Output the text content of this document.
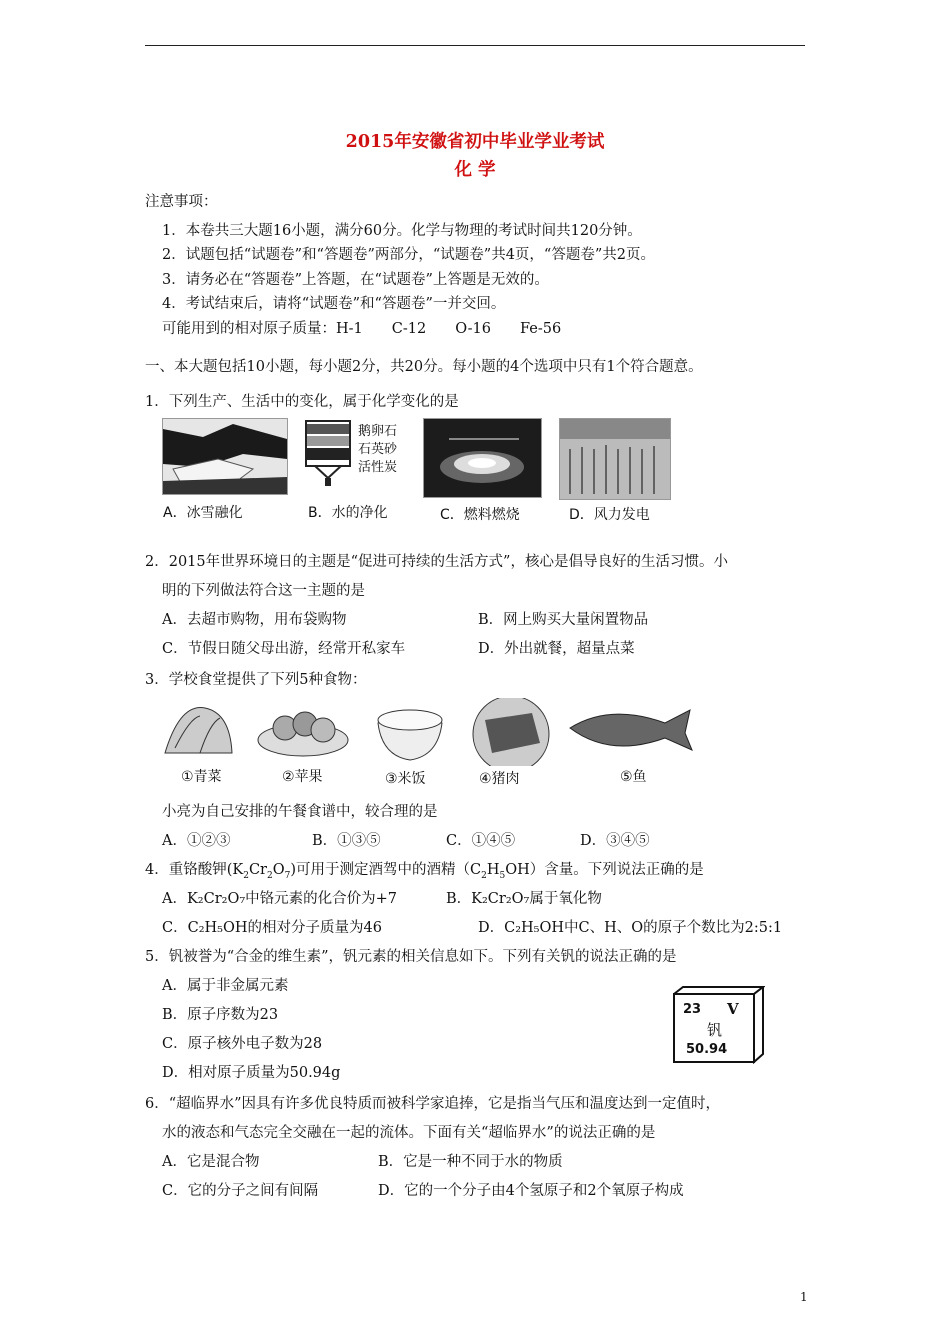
2015年安徽省初中毕业学业考试
化 学
注意事项：
1．本卷共三大题16小题，满分60分。化学与物理的考试时间共120分钟。
2．试题包括“试题卷”和“答题卷”两部分，“试题卷”共4页，“答题卷”共2页。
3．请务必在“答题卷”上答题，在“试题卷”上答题是无效的。
4．考试结束后，请将“试题卷”和“答题卷”一并交回。
可能用到的相对原子质量：H-1　　C-12　　O-16　　Fe-56
一、本大题包括10小题，每小题2分，共20分。每小题的4个选项中只有1个符合题意。
1．下列生产、生活中的变化，属于化学变化的是
鹅卵石
石英砂
活性炭
A．冰雪融化	B．水的净化	C．燃料燃烧	D．风力发电
2．2015年世界环境日的主题是“促进可持续的生活方式”，核心是倡导良好的生活习惯。小
明的下列做法符合这一主题的是
A．去超市购物，用布袋购物	B．网上购买大量闲置物品
C．节假日随父母出游，经常开私家车	D．外出就餐，超量点菜
3．学校食堂提供了下列5种食物：
①青菜	②苹果	③米饭	④猪肉	⑤鱼
小亮为自己安排的午餐食谱中，较合理的是
A．①②③	B．①③⑤	C．①④⑤	D．③④⑤
4．重铬酸钾$(K_2Cr_2O_7)$可用于测定酒驾中的酒精$(C_2H_5OH)$含量。下列说法正确的是
A．K₂Cr₂O₇中铬元素的化合价为+7	B．K₂Cr₂O₇属于氧化物
C．C₂H₅OH的相对分子质量为46	D．C₂H₅OH中C、H、O的原子个数比为2:5:1
5．钒被誉为“合金的维生素”，钒元素的相关信息如下。下列有关钒的说法正确的是
A．属于非金属元素
B．原子序数为23
C．原子核外电子数为28
D．相对原子质量为50.94g
23 V
钒
50.94
6．“超临界水”因具有许多优良特质而被科学家追捧，它是指当气压和温度达到一定值时，
水的液态和气态完全交融在一起的流体。下面有关“超临界水”的说法正确的是
A．它是混合物	B．它是一种不同于水的物质
C．它的分子之间有间隔	D．它的一个分子由4个氢原子和2个氧原子构成
1
